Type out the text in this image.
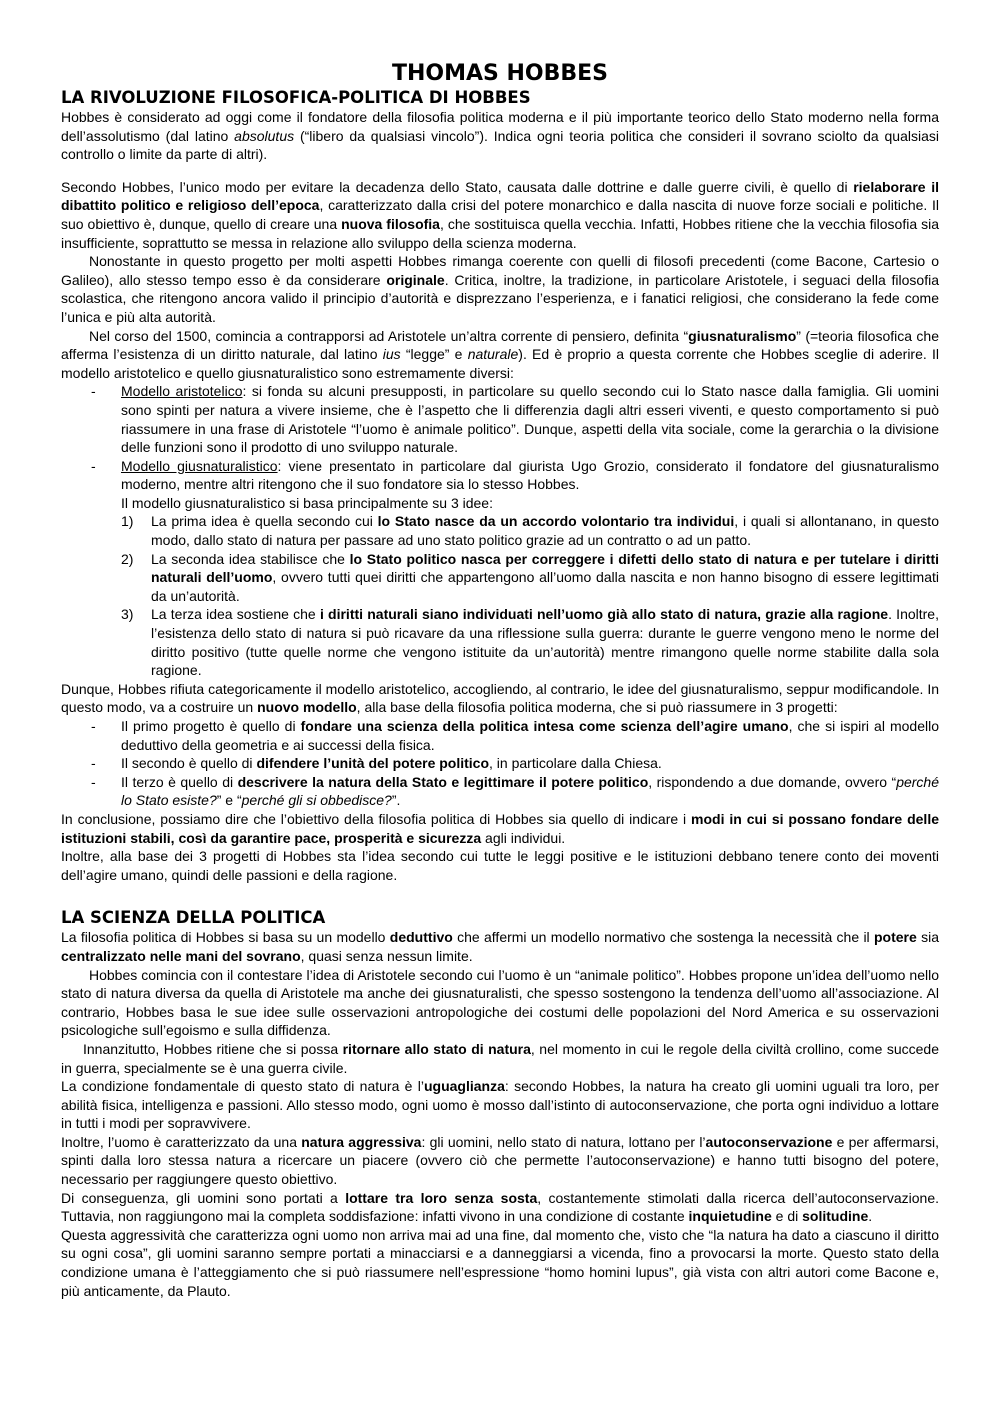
THOMAS HOBBES
LA RIVOLUZIONE FILOSOFICA-POLITICA DI HOBBES

Hobbes è considerato ad oggi come il fondatore della filosofia politica moderna e il più importante teorico dello Stato moderno nella forma dell’assolutismo (dal latino absolutus (“libero da qualsiasi vincolo”). Indica ogni teoria politica che consideri il sovrano sciolto da qualsiasi controllo o limite da parte di altri).

Secondo Hobbes, l’unico modo per evitare la decadenza dello Stato, causata dalle dottrine e dalle guerre civili, è quello di rielaborare il dibattito politico e religioso dell’epoca, caratterizzato dalla crisi del potere monarchico e dalla nascita di nuove forze sociali e politiche. Il suo obiettivo è, dunque, quello di creare una nuova filosofia, che sostituisca quella vecchia. Infatti, Hobbes ritiene che la vecchia filosofia sia insufficiente, soprattutto se messa in relazione allo sviluppo della scienza moderna.

Nonostante in questo progetto per molti aspetti Hobbes rimanga coerente con quelli di filosofi precedenti (come Bacone, Cartesio o Galileo), allo stesso tempo esso è da considerare originale. Critica, inoltre, la tradizione, in particolare Aristotele, i seguaci della filosofia scolastica, che ritengono ancora valido il principio d’autorità e disprezzano l’esperienza, e i fanatici religiosi, che considerano la fede come l’unica e più alta autorità.

Nel corso del 1500, comincia a contrapporsi ad Aristotele un’altra corrente di pensiero, definita “giusnaturalismo” (=teoria filosofica che afferma l’esistenza di un diritto naturale, dal latino ius “legge” e naturale). Ed è proprio a questa corrente che Hobbes sceglie di aderire. Il modello aristotelico e quello giusnaturalistico sono estremamente diversi:

- Modello aristotelico: si fonda su alcuni presupposti, in particolare su quello secondo cui lo Stato nasce dalla famiglia. Gli uomini sono spinti per natura a vivere insieme, che è l’aspetto che li differenzia dagli altri esseri viventi, e questo comportamento si può riassumere in una frase di Aristotele “l’uomo è animale politico”. Dunque, aspetti della vita sociale, come la gerarchia o la divisione delle funzioni sono il prodotto di uno sviluppo naturale.
- Modello giusnaturalistico: viene presentato in particolare dal giurista Ugo Grozio, considerato il fondatore del giusnaturalismo moderno, mentre altri ritengono che il suo fondatore sia lo stesso Hobbes.

Il modello giusnaturalistico si basa principalmente su 3 idee:

1) La prima idea è quella secondo cui lo Stato nasce da un accordo volontario tra individui, i quali si allontanano, in questo modo, dallo stato di natura per passare ad uno stato politico grazie ad un contratto o ad un patto.
2) La seconda idea stabilisce che lo Stato politico nasca per correggere i difetti dello stato di natura e per tutelare i diritti naturali dell’uomo, ovvero tutti quei diritti che appartengono all’uomo dalla nascita e non hanno bisogno di essere legittimati da un’autorità.
3) La terza idea sostiene che i diritti naturali siano individuati nell’uomo già allo stato di natura, grazie alla ragione. Inoltre, l’esistenza dello stato di natura si può ricavare da una riflessione sulla guerra: durante le guerre vengono meno le norme del diritto positivo (tutte quelle norme che vengono istituite da un’autorità) mentre rimangono quelle norme stabilite dalla sola ragione.

Dunque, Hobbes rifiuta categoricamente il modello aristotelico, accogliendo, al contrario, le idee del giusnaturalismo, seppur modificandole. In questo modo, va a costruire un nuovo modello, alla base della filosofia politica moderna, che si può riassumere in 3 progetti:

- Il primo progetto è quello di fondare una scienza della politica intesa come scienza dell’agire umano, che si ispiri al modello deduttivo della geometria e ai successi della fisica.
- Il secondo è quello di difendere l’unità del potere politico, in particolare dalla Chiesa.
- Il terzo è quello di descrivere la natura della Stato e legittimare il potere politico, rispondendo a due domande, ovvero “perché lo Stato esiste?” e “perché gli si obbedisce?”.

In conclusione, possiamo dire che l’obiettivo della filosofia politica di Hobbes sia quello di indicare i modi in cui si possano fondare delle istituzioni stabili, così da garantire pace, prosperità e sicurezza agli individui.

Inoltre, alla base dei 3 progetti di Hobbes sta l’idea secondo cui tutte le leggi positive e le istituzioni debbano tenere conto dei moventi dell’agire umano, quindi delle passioni e della ragione.

LA SCIENZA DELLA POLITICA

La filosofia politica di Hobbes si basa su un modello deduttivo che affermi un modello normativo che sostenga la necessità che il potere sia centralizzato nelle mani del sovrano, quasi senza nessun limite.

Hobbes comincia con il contestare l’idea di Aristotele secondo cui l’uomo è un “animale politico”. Hobbes propone un’idea dell’uomo nello stato di natura diversa da quella di Aristotele ma anche dei giusnaturalisti, che spesso sostengono la tendenza dell’uomo all’associazione. Al contrario, Hobbes basa le sue idee sulle osservazioni antropologiche dei costumi delle popolazioni del Nord America e su osservazioni psicologiche sull’egoismo e sulla diffidenza.

Innanzitutto, Hobbes ritiene che si possa ritornare allo stato di natura, nel momento in cui le regole della civiltà crollino, come succede in guerra, specialmente se è una guerra civile.

La condizione fondamentale di questo stato di natura è l’uguaglianza: secondo Hobbes, la natura ha creato gli uomini uguali tra loro, per abilità fisica, intelligenza e passioni. Allo stesso modo, ogni uomo è mosso dall’istinto di autoconservazione, che porta ogni individuo a lottare in tutti i modi per sopravvivere.

Inoltre, l’uomo è caratterizzato da una natura aggressiva: gli uomini, nello stato di natura, lottano per l’autoconservazione e per affermarsi, spinti dalla loro stessa natura a ricercare un piacere (ovvero ciò che permette l’autoconservazione) e hanno tutti bisogno del potere, necessario per raggiungere questo obiettivo.

Di conseguenza, gli uomini sono portati a lottare tra loro senza sosta, costantemente stimolati dalla ricerca dell’autoconservazione. Tuttavia, non raggiungono mai la completa soddisfazione: infatti vivono in una condizione di costante inquietudine e di solitudine.

Questa aggressività che caratterizza ogni uomo non arriva mai ad una fine, dal momento che, visto che “la natura ha dato a ciascuno il diritto su ogni cosa”, gli uomini saranno sempre portati a minacciarsi e a danneggiarsi a vicenda, fino a provocarsi la morte. Questo stato della condizione umana è l’atteggiamento che si può riassumere nell’espressione “homo homini lupus”, già vista con altri autori come Bacone e, più anticamente, da Plauto.
